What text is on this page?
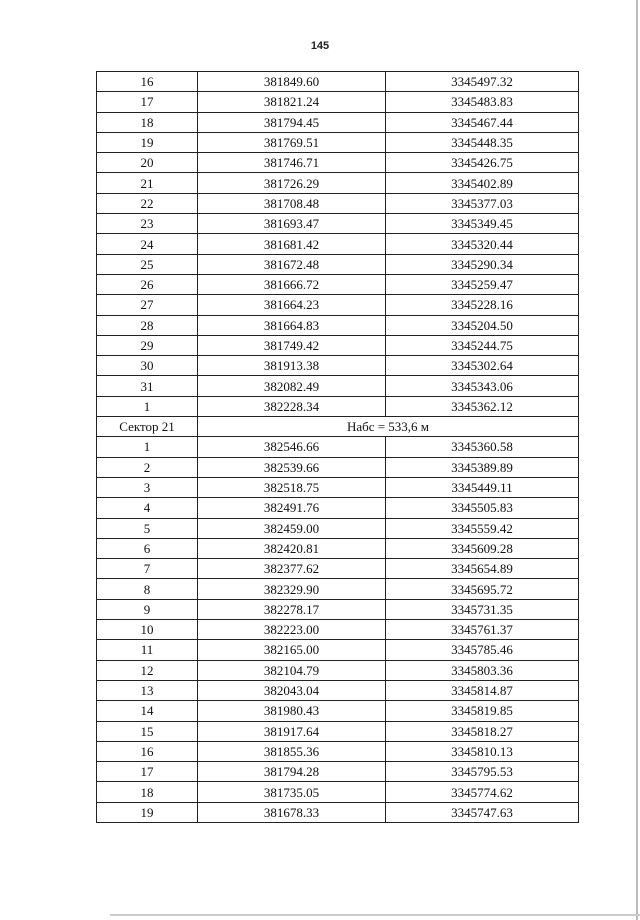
145
16	381849.60	3345497.32
17	381821.24	3345483.83
18	381794.45	3345467.44
19	381769.51	3345448.35
20	381746.71	3345426.75
21	381726.29	3345402.89
22	381708.48	3345377.03
23	381693.47	3345349.45
24	381681.42	3345320.44
25	381672.48	3345290.34
26	381666.72	3345259.47
27	381664.23	3345228.16
28	381664.83	3345204.50
29	381749.42	3345244.75
30	381913.38	3345302.64
31	382082.49	3345343.06
1	382228.34	3345362.12
Сектор 21	Набс = 533,6 м	
1	382546.66	3345360.58
2	382539.66	3345389.89
3	382518.75	3345449.11
4	382491.76	3345505.83
5	382459.00	3345559.42
6	382420.81	3345609.28
7	382377.62	3345654.89
8	382329.90	3345695.72
9	382278.17	3345731.35
10	382223.00	3345761.37
11	382165.00	3345785.46
12	382104.79	3345803.36
13	382043.04	3345814.87
14	381980.43	3345819.85
15	381917.64	3345818.27
16	381855.36	3345810.13
17	381794.28	3345795.53
18	381735.05	3345774.62
19	381678.33	3345747.63
